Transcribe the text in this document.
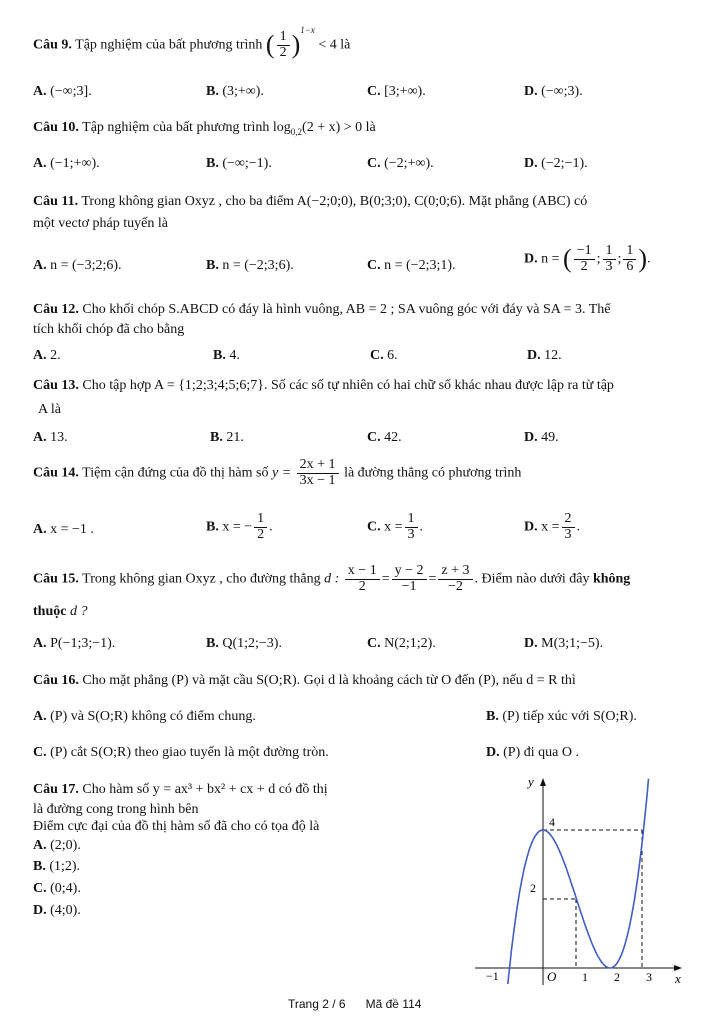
Câu 9. Tập nghiệm của bất phương trình ( $\frac{1}{2} )^{1-x} < 4$ là
A. (−∞;3].	B. (3;+∞).	C. [3;+∞).	D. (−∞;3).
Câu 10. Tập nghiệm của bất phương trình $\log_{0,2}(2 + x) > 0$ là
A. (−1;+∞).	B. (−∞;−1).	C. (−2;+∞).	D. (−2;−1).
Câu 11. Trong không gian Oxyz , cho ba điểm A(−2;0;0), B(0;3;0), C(0;0;6). Mặt phẳng (ABC) có
một vectơ pháp tuyến là
A. n = (−3;2;6).	B. n = (−2;3;6).	C. n = (−2;3;1).	D. n = ( $\frac{-1}{2}$ ; $\frac{1}{3}$ ; $\frac{1}{6}$ ).
Câu 12. Cho khối chóp S.ABCD có đáy là hình vuông, AB = 2 ; SA vuông góc với đáy và SA = 3. Thể
tích khối chóp đã cho bằng
A. 2.	B. 4.	C. 6.	D. 12.
Câu 13. Cho tập hợp A = {1;2;3;4;5;6;7}. Số các số tự nhiên có hai chữ số khác nhau được lập ra từ tập
A là
A. 13.	B. 21.	C. 42.	D. 49.
Câu 14. Tiệm cận đứng của đồ thị hàm số $y = \frac{2x + 1}{3x - 1}$ là đường thẳng có phương trình
A. x = −1 .	B. x = − $\frac{1}{2}$ .	C. $x = \frac{1}{3}$ .	D. $x = \frac{2}{3}$ .
Câu 15. Trong không gian Oxyz , cho đường thẳng d : $\frac{x - 1}{2} = \frac{y - 2}{-1} = \frac{z + 3}{-2}$ . Điểm nào dưới đây không
thuộc d ?
A. P(−1;3;−1).	B. Q(1;2;−3).	C. N(2;1;2).	D. M(3;1;−5).
Câu 16. Cho mặt phẳng (P) và mặt cầu S(O;R). Gọi d là khoảng cách từ O đến (P), nếu d = R thì
A. (P) và S(O;R) không có điểm chung.	B. (P) tiếp xúc với S(O;R).
C. (P) cắt S(O;R) theo giao tuyến là một đường tròn.	D. (P) đi qua O .
Câu 17. Cho hàm số y = ax³ + bx² + cx + d có đồ thị
là đường cong trong hình bên
Điểm cực đại của đồ thị hàm số đã cho có tọa độ là
A. (2;0).
B. (1;2).
C. (0;4).
D. (4;0).
y
x
O
−1	1 2 3
2
4
Trang 2 / 6 Mã đề 114
